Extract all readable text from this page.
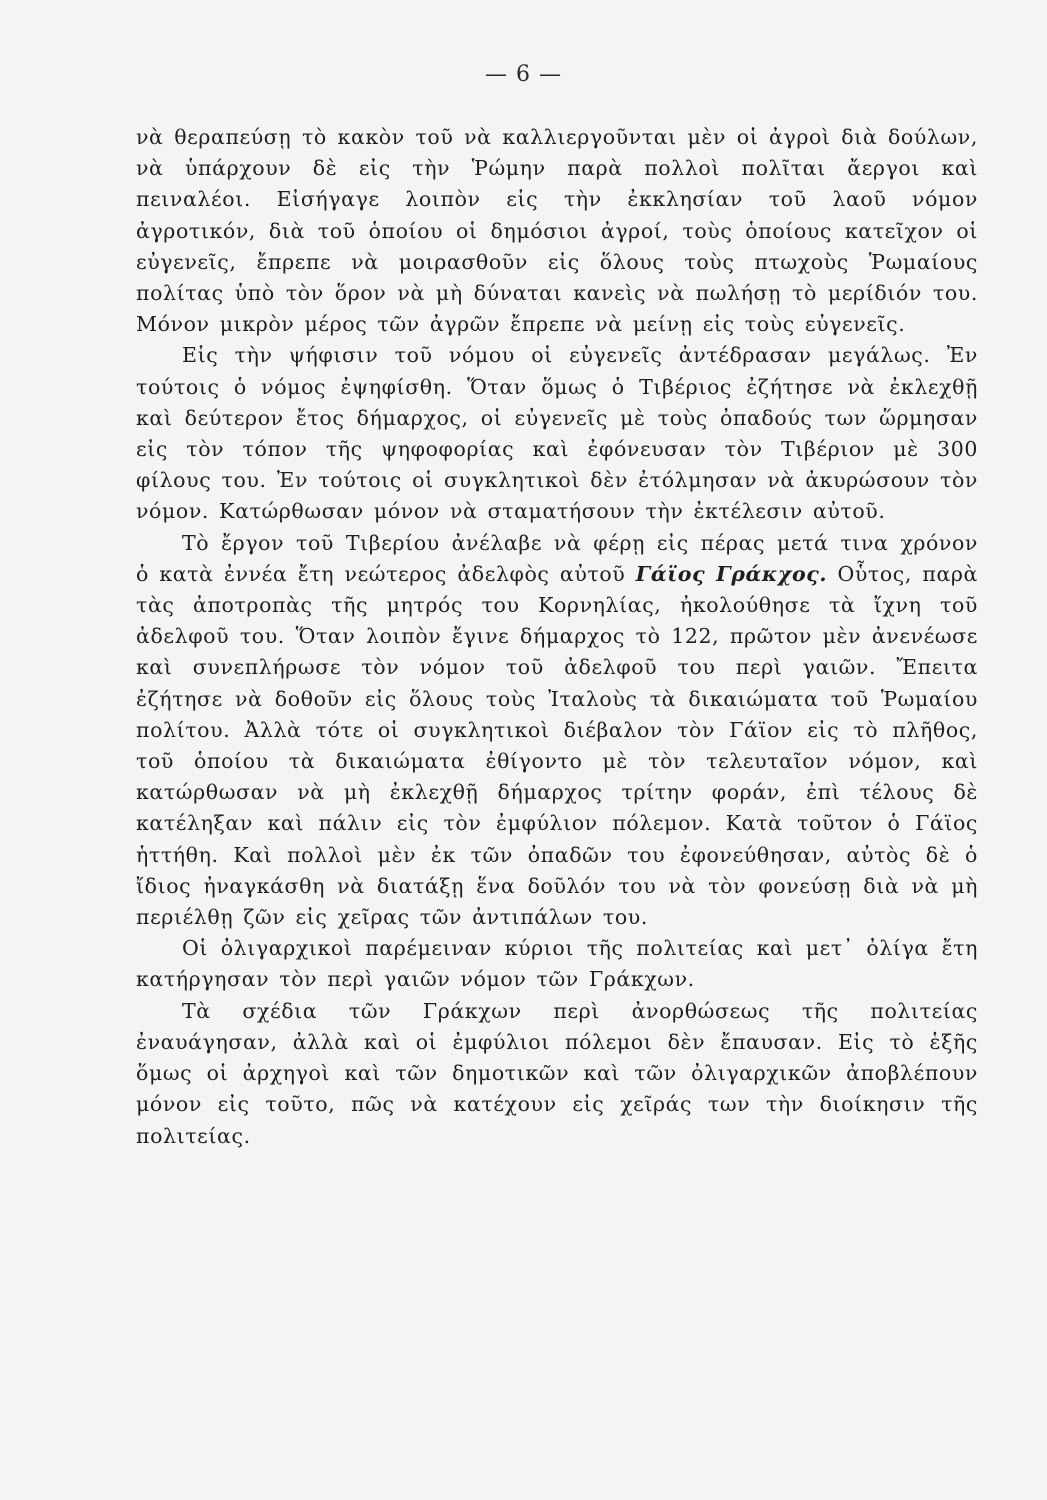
— 6 —

νὰ θεραπεύσῃ τὸ κακὸν τοῦ νὰ καλλιεργοῦνται μὲν οἱ ἀγροὶ διὰ δούλων, νὰ ὑπάρχουν δὲ εἰς τὴν Ῥώμην παρὰ πολλοὶ πολῖται ἄεργοι καὶ πειναλέοι. Εἰσήγαγε λοιπὸν εἰς τὴν ἐκκλησίαν τοῦ λαοῦ νόμον ἀγροτικόν, διὰ τοῦ ὁποίου οἱ δημόσιοι ἀγροί, τοὺς ὁποίους κατεῖχον οἱ εὐγενεῖς, ἔπρεπε νὰ μοιρασθοῦν εἰς ὅλους τοὺς πτωχοὺς Ῥωμαίους πολίτας ὑπὸ τὸν ὅρον νὰ μὴ δύναται κανεὶς νὰ πωλήσῃ τὸ μερίδιόν του. Μόνον μικρὸν μέρος τῶν ἀγρῶν ἔπρεπε νὰ μείνῃ εἰς τοὺς εὐγενεῖς.

Εἰς τὴν ψήφισιν τοῦ νόμου οἱ εὐγενεῖς ἀντέδρασαν μεγάλως. Ἐν τούτοις ὁ νόμος ἐψηφίσθη. Ὅταν ὅμως ὁ Τιβέριος ἐζήτησε νὰ ἐκλεχθῇ καὶ δεύτερον ἔτος δήμαρχος, οἱ εὐγενεῖς μὲ τοὺς ὀπαδούς των ὥρμησαν εἰς τὸν τόπον τῆς ψηφοφορίας καὶ ἐφόνευσαν τὸν Τιβέριον μὲ 300 φίλους του. Ἐν τούτοις οἱ συγκλητικοὶ δὲν ἐτόλμησαν νὰ ἀκυρώσουν τὸν νόμον. Κατώρθωσαν μόνον νὰ σταματήσουν τὴν ἐκτέλεσιν αὐτοῦ.

Τὸ ἔργον τοῦ Τιβερίου ἀνέλαβε νὰ φέρῃ εἰς πέρας μετά τινα χρόνον ὁ κατὰ ἐννέα ἔτη νεώτερος ἀδελφὸς αὐτοῦ Γάϊος Γράκχος. Οὗτος, παρὰ τὰς ἀποτροπὰς τῆς μητρός του Κορνηλίας, ἠκολούθησε τὰ ἴχνη τοῦ ἀδελφοῦ του. Ὅταν λοιπὸν ἔγινε δήμαρχος τὸ 122, πρῶτον μὲν ἀνενέωσε καὶ συνεπλήρωσε τὸν νόμον τοῦ ἀδελφοῦ του περὶ γαιῶν. Ἔπειτα ἐζήτησε νὰ δοθοῦν εἰς ὅλους τοὺς Ἰταλοὺς τὰ δικαιώματα τοῦ Ῥωμαίου πολίτου. Ἀλλὰ τότε οἱ συγκλητικοὶ διέβαλον τὸν Γάϊον εἰς τὸ πλῆθος, τοῦ ὁποίου τὰ δικαιώματα ἐθίγοντο μὲ τὸν τελευταῖον νόμον, καὶ κατώρθωσαν νὰ μὴ ἐκλεχθῇ δήμαρχος τρίτην φοράν, ἐπὶ τέλους δὲ κατέληξαν καὶ πάλιν εἰς τὸν ἐμφύλιον πόλεμον. Κατὰ τοῦτον ὁ Γάϊος ἡττήθη. Καὶ πολλοὶ μὲν ἐκ τῶν ὀπαδῶν του ἐφονεύθησαν, αὐτὸς δὲ ὁ ἴδιος ἠναγκάσθη νὰ διατάξῃ ἕνα δοῦλόν του νὰ τὸν φονεύσῃ διὰ νὰ μὴ περιέλθῃ ζῶν εἰς χεῖρας τῶν ἀντιπάλων του.

Οἱ ὀλιγαρχικοὶ παρέμειναν κύριοι τῆς πολιτείας καὶ μετ᾽ ὀλίγα ἔτη κατήργησαν τὸν περὶ γαιῶν νόμον τῶν Γράκχων.

Τὰ σχέδια τῶν Γράκχων περὶ ἀνορθώσεως τῆς πολιτείας ἐναυάγησαν, ἀλλὰ καὶ οἱ ἐμφύλιοι πόλεμοι δὲν ἔπαυσαν. Εἰς τὸ ἑξῆς ὅμως οἱ ἀρχηγοὶ καὶ τῶν δημοτικῶν καὶ τῶν ὀλιγαρχικῶν ἀποβλέπουν μόνον εἰς τοῦτο, πῶς νὰ κατέχουν εἰς χεῖράς των τὴν διοίκησιν τῆς πολιτείας.
